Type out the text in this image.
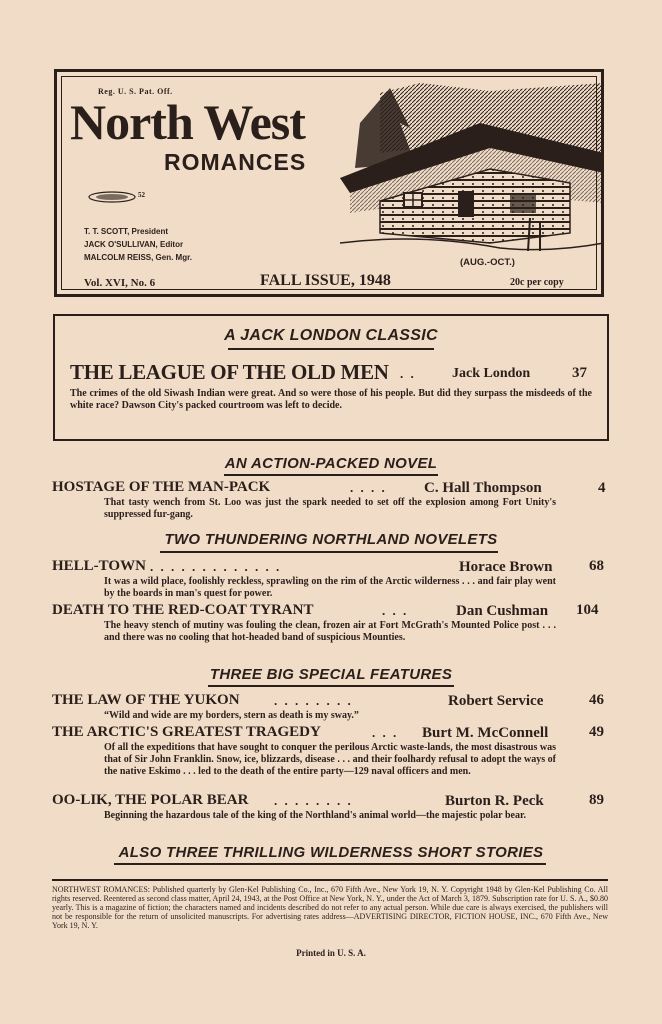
Reg. U. S. Pat. Off.
North West
ROMANCES
52
T. T. SCOTT, President
JACK O'SULLIVAN, Editor
MALCOLM REISS, Gen. Mgr.	(AUG.-OCT.)
Vol. XVI, No. 6	FALL ISSUE, 1948	20c per copy
A JACK LONDON CLASSIC
THE LEAGUE OF THE OLD MEN . .	Jack London	37
The crimes of the old Siwash Indian were great. And so were those of his people. But did they surpass the misdeeds of the white race? Dawson City's packed courtroom was left to decide.
AN ACTION-PACKED NOVEL
HOSTAGE OF THE MAN-PACK	. . . . C. Hall Thompson	4
That tasty wench from St. Loo was just the spark needed to set off the explosion among Fort Unity's suppressed fur-gang.
TWO THUNDERING NORTHLAND NOVELETS
HELL-TOWN . . . . . . . . . . . . .	Horace Brown 68
It was a wild place, foolishly reckless, sprawling on the rim of the Arctic wilderness . . . and fair play went by the boards in man's quest for power.
DEATH TO THE RED-COAT TYRANT	. . .	Dan Cushman 104
The heavy stench of mutiny was fouling the clean, frozen air at Fort McGrath's Mounted Police post . . . and there was no cooling that hot-headed band of suspicious Mounties.
THREE BIG SPECIAL FEATURES
THE LAW OF THE YUKON	. . . . . . . .	Robert Service	46
“Wild and wide are my borders, stern as death is my sway.”
THE ARCTIC'S GREATEST TRAGEDY	. . . Burt M. McConnell	49
Of all the expeditions that have sought to conquer the perilous Arctic waste-lands, the most disastrous was that of Sir John Franklin. Snow, ice, blizzards, disease . . . and their foolhardy refusal to adopt the ways of the native Eskimo . . . led to the death of the entire party—129 naval officers and men.
OO-LIK, THE POLAR BEAR . . . . . . . .	Burton R. Peck	89
Beginning the hazardous tale of the king of the Northland's animal world—the majestic polar bear.
ALSO THREE THRILLING WILDERNESS SHORT STORIES
NORTHWEST ROMANCES: Published quarterly by Glen-Kel Publishing Co., Inc., 670 Fifth Ave., New York 19, N. Y. Copyright 1948 by Glen-Kel Publishing Co. All rights reserved. Reentered as second class matter, April 24, 1943, at the Post Office at New York, N. Y., under the Act of March 3, 1879. Subscription rate for U. S. A., $0.80 yearly. This is a magazine of fiction; the characters named and incidents described do not refer to any actual person. While due care is always exercised, the publishers will not be responsible for the return of unsolicited manuscripts. For advertising rates address—ADVERTISING DIRECTOR, FICTION HOUSE, INC., 670 Fifth Ave., New York 19, N. Y.
Printed in U. S. A.
